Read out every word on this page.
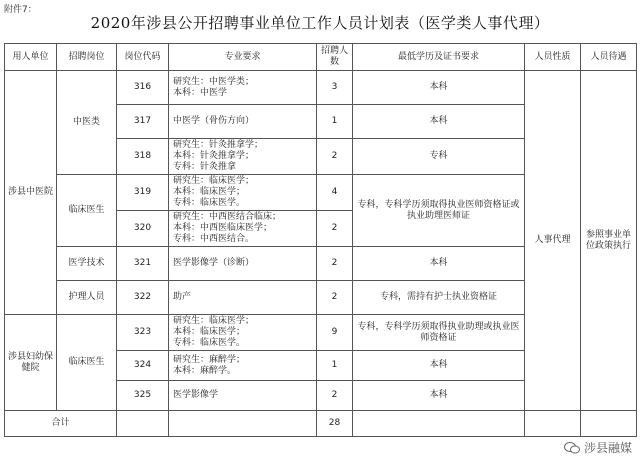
附件7：
2020年涉县公开招聘事业单位工作人员计划表（医学类人事代理）
用人单位	招聘岗位	岗位代码	专业要求	招聘人数	最低学历及证书要求	人员性质	人员待遇
涉县中医院	中医类	316	研究生：中医学类；
本科：中医学	3	本科	人事代理	参照事业单位政策执行
		317	中医学（骨伤方向）	1	本科		
		318	研究生：针灸推拿学；
本科：针灸推拿学；
专科：针灸推拿	2	专科		
	临床医生	319	研究生：临床医学；
本科：临床医学；
专科：临床医学。	4	专科，专科学历须取得执业医师资格证或执业助理医师证		
		320	研究生：中西医结合临床；
本科：中西医临床医学；
专科：中西医结合。	2			
	医学技术	321	医学影像学（诊断）	2	本科		
	护理人员	322	助产	2	专科，需持有护士执业资格证		
涉县妇幼保健院	临床医生	323	研究生：临床医学；
本科：临床医学；
专科：临床医学。	9	专科，专科学历须取得执业助理或执业医师资格证		
		324	研究生：麻醉学；
本科：麻醉学。	1	本科		
		325	医学影像学	2	本科		
合计				28			
涉县融媒
